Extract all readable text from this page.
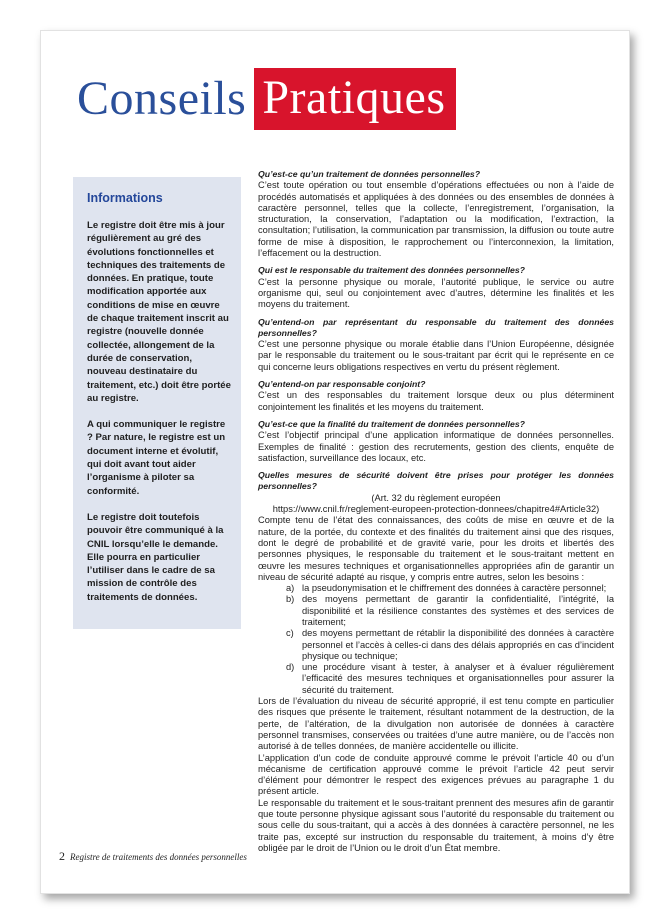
Conseils Pratiques
Informations

Le registre doit être mis à jour régulièrement au gré des évolutions fonctionnelles et techniques des traitements de données. En pratique, toute modification apportée aux conditions de mise en œuvre de chaque traitement inscrit au registre (nouvelle donnée collectée, allongement de la durée de conservation, nouveau destinataire du traitement, etc.) doit être portée au registre.

A qui communiquer le registre ? Par nature, le registre est un document interne et évolutif, qui doit avant tout aider l’organisme à piloter sa conformité.

Le registre doit toutefois pouvoir être communiqué à la CNIL lorsqu’elle le demande.

Elle pourra en particulier l’utiliser dans le cadre de sa mission de contrôle des traitements de données.

Qu’est-ce qu’un traitement de données personnelles?

C’est toute opération ou tout ensemble d’opérations effectuées ou non à l’aide de procédés automatisés et appliquées à des données ou des ensembles de données à caractère personnel, telles que la collecte, l’enregistrement, l’organisation, la structuration, la conservation, l’adaptation ou la modification, l’extraction, la consultation; l’utilisation, la communication par transmission, la diffusion ou toute autre forme de mise à disposition, le rapprochement ou l’interconnexion, la limitation, l’effacement ou la destruction.

Qui est le responsable du traitement des données personnelles?

C’est la personne physique ou morale, l’autorité publique, le service ou autre organisme qui, seul ou conjointement avec d’autres, détermine les finalités et les moyens du traitement.

Qu’entend-on par représentant du responsable du traitement des données personnelles?

C’est une personne physique ou morale établie dans l’Union Européenne, désignée par le responsable du traitement ou le sous-traitant par écrit qui le représente en ce qui concerne leurs obligations respectives en vertu du présent règlement.

Qu’entend-on par responsable conjoint?

C’est un des responsables du traitement lorsque deux ou plus déterminent conjointement les finalités et les moyens du traitement.

Qu’est-ce que la finalité du traitement de données personnelles?

C’est l’objectif principal d’une application informatique de données personnelles. Exemples de finalité : gestion des recrutements, gestion des clients, enquête de satisfaction, surveillance des locaux, etc.

Quelles mesures de sécurité doivent être prises pour protéger les données personnelles?

(Art. 32 du règlement européen

https://www.cnil.fr/reglement-europeen-protection-donnees/chapitre4#Article32)

Compte tenu de l’état des connaissances, des coûts de mise en œuvre et de la nature, de la portée, du contexte et des finalités du traitement ainsi que des risques, dont le degré de probabilité et de gravité varie, pour les droits et libertés des personnes physiques, le responsable du traitement et le sous-traitant mettent en œuvre les mesures techniques et organisationnelles appropriées afin de garantir un niveau de sécurité adapté au risque, y compris entre autres, selon les besoins :

a) la pseudonymisation et le chiffrement des données à caractère personnel;
b) des moyens permettant de garantir la confidentialité, l’intégrité, la disponibilité et la résilience constantes des systèmes et des services de traitement;
c) des moyens permettant de rétablir la disponibilité des données à caractère personnel et l’accès à celles-ci dans des délais appropriés en cas d’incident physique ou technique;
d) une procédure visant à tester, à analyser et à évaluer régulièrement l’efficacité des mesures techniques et organisationnelles pour assurer la sécurité du traitement.

Lors de l’évaluation du niveau de sécurité approprié, il est tenu compte en particulier des risques que présente le traitement, résultant notamment de la destruction, de la perte, de l’altération, de la divulgation non autorisée de données à caractère personnel transmises, conservées ou traitées d’une autre manière, ou de l’accès non autorisé à de telles données, de manière accidentelle ou illicite.

L’application d’un code de conduite approuvé comme le prévoit l’article 40 ou d’un mécanisme de certification approuvé comme le prévoit l’article 42 peut servir d’élément pour démontrer le respect des exigences prévues au paragraphe 1 du présent article.

Le responsable du traitement et le sous-traitant prennent des mesures afin de garantir que toute personne physique agissant sous l’autorité du responsable du traitement ou sous celle du sous-traitant, qui a accès à des données à caractère personnel, ne les traite pas, excepté sur instruction du responsable du traitement, à moins d’y être obligée par le droit de l’Union ou le droit d’un État membre.

2 Registre de traitements des données personnelles
